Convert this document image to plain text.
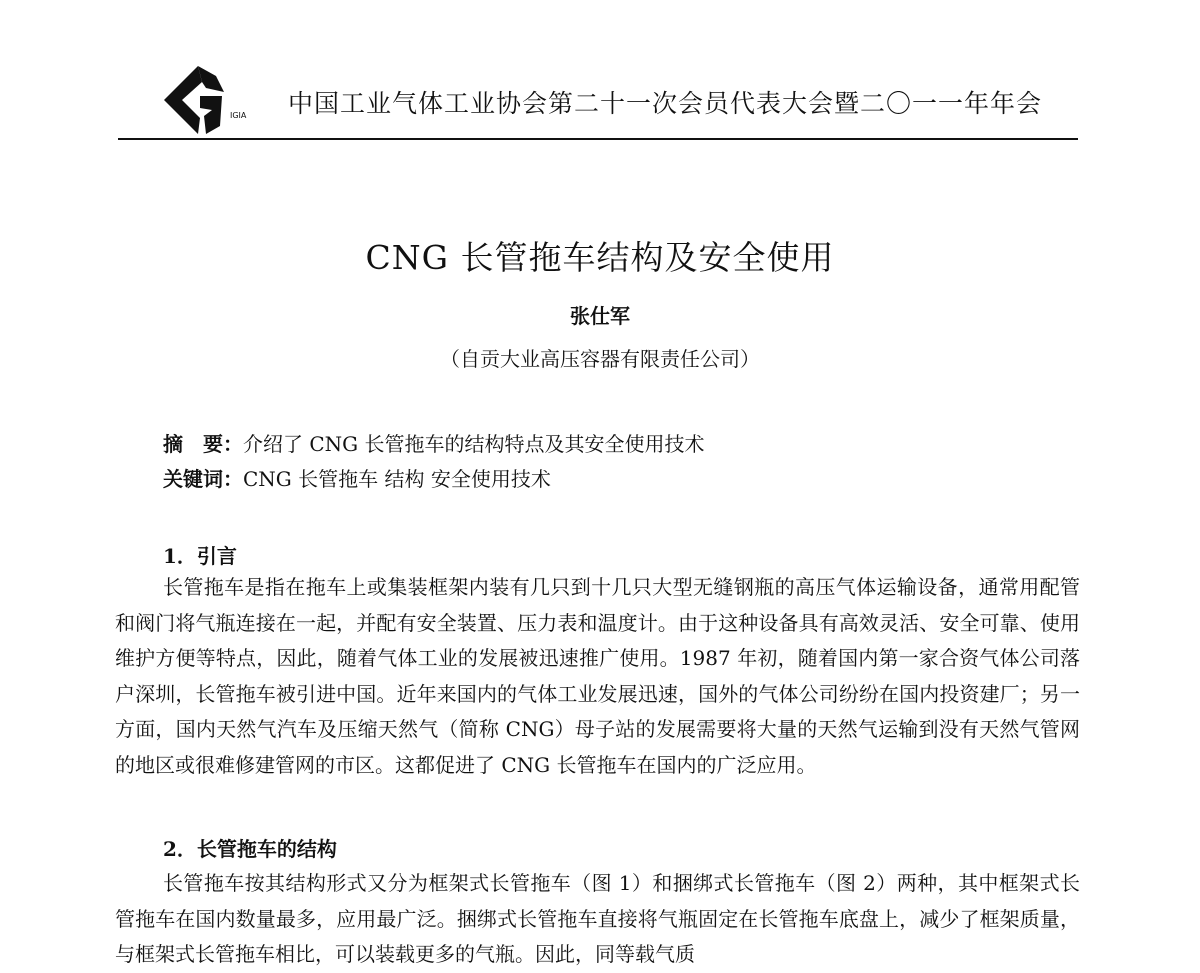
IGIA 中国工业气体工业协会第二十一次会员代表大会暨二〇一一年年会
CNG 长管拖车结构及安全使用
张仕军
（自贡大业高压容器有限责任公司）
摘　要：介绍了 CNG 长管拖车的结构特点及其安全使用技术
关键词：CNG 长管拖车 结构 安全使用技术
1．引言
长管拖车是指在拖车上或集装框架内装有几只到十几只大型无缝钢瓶的高压气体运输设备，通常用配管和阀门将气瓶连接在一起，并配有安全装置、压力表和温度计。由于这种设备具有高效灵活、安全可靠、使用维护方便等特点，因此，随着气体工业的发展被迅速推广使用。1987 年初，随着国内第一家合资气体公司落户深圳，长管拖车被引进中国。近年来国内的气体工业发展迅速，国外的气体公司纷纷在国内投资建厂；另一方面，国内天然气汽车及压缩天然气（简称 CNG）母子站的发展需要将大量的天然气运输到没有天然气管网的地区或很难修建管网的市区。这都促进了 CNG 长管拖车在国内的广泛应用。
2．长管拖车的结构
长管拖车按其结构形式又分为框架式长管拖车（图 1）和捆绑式长管拖车（图 2）两种，其中框架式长管拖车在国内数量最多，应用最广泛。捆绑式长管拖车直接将气瓶固定在长管拖车底盘上，减少了框架质量，与框架式长管拖车相比，可以装载更多的气瓶。因此，同等载气质
